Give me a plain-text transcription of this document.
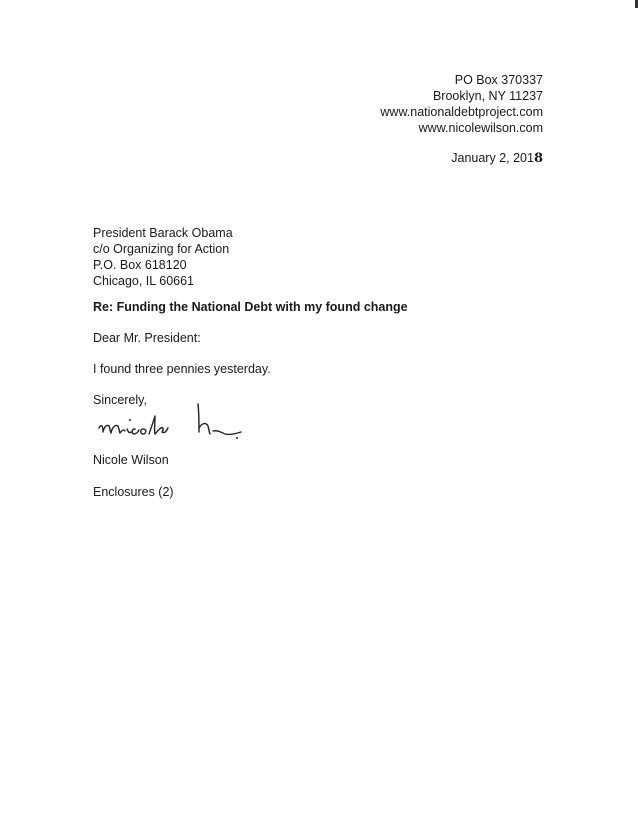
PO Box 370337
Brooklyn, NY 11237
www.nationaldebtproject.com
www.nicolewilson.com
January 2, 2018
President Barack Obama
c/o Organizing for Action
P.O. Box 618120
Chicago, IL 60661
Re: Funding the National Debt with my found change
Dear Mr. President:
I found three pennies yesterday.
Sincerely,
Nicole Wilson
Enclosures (2)
